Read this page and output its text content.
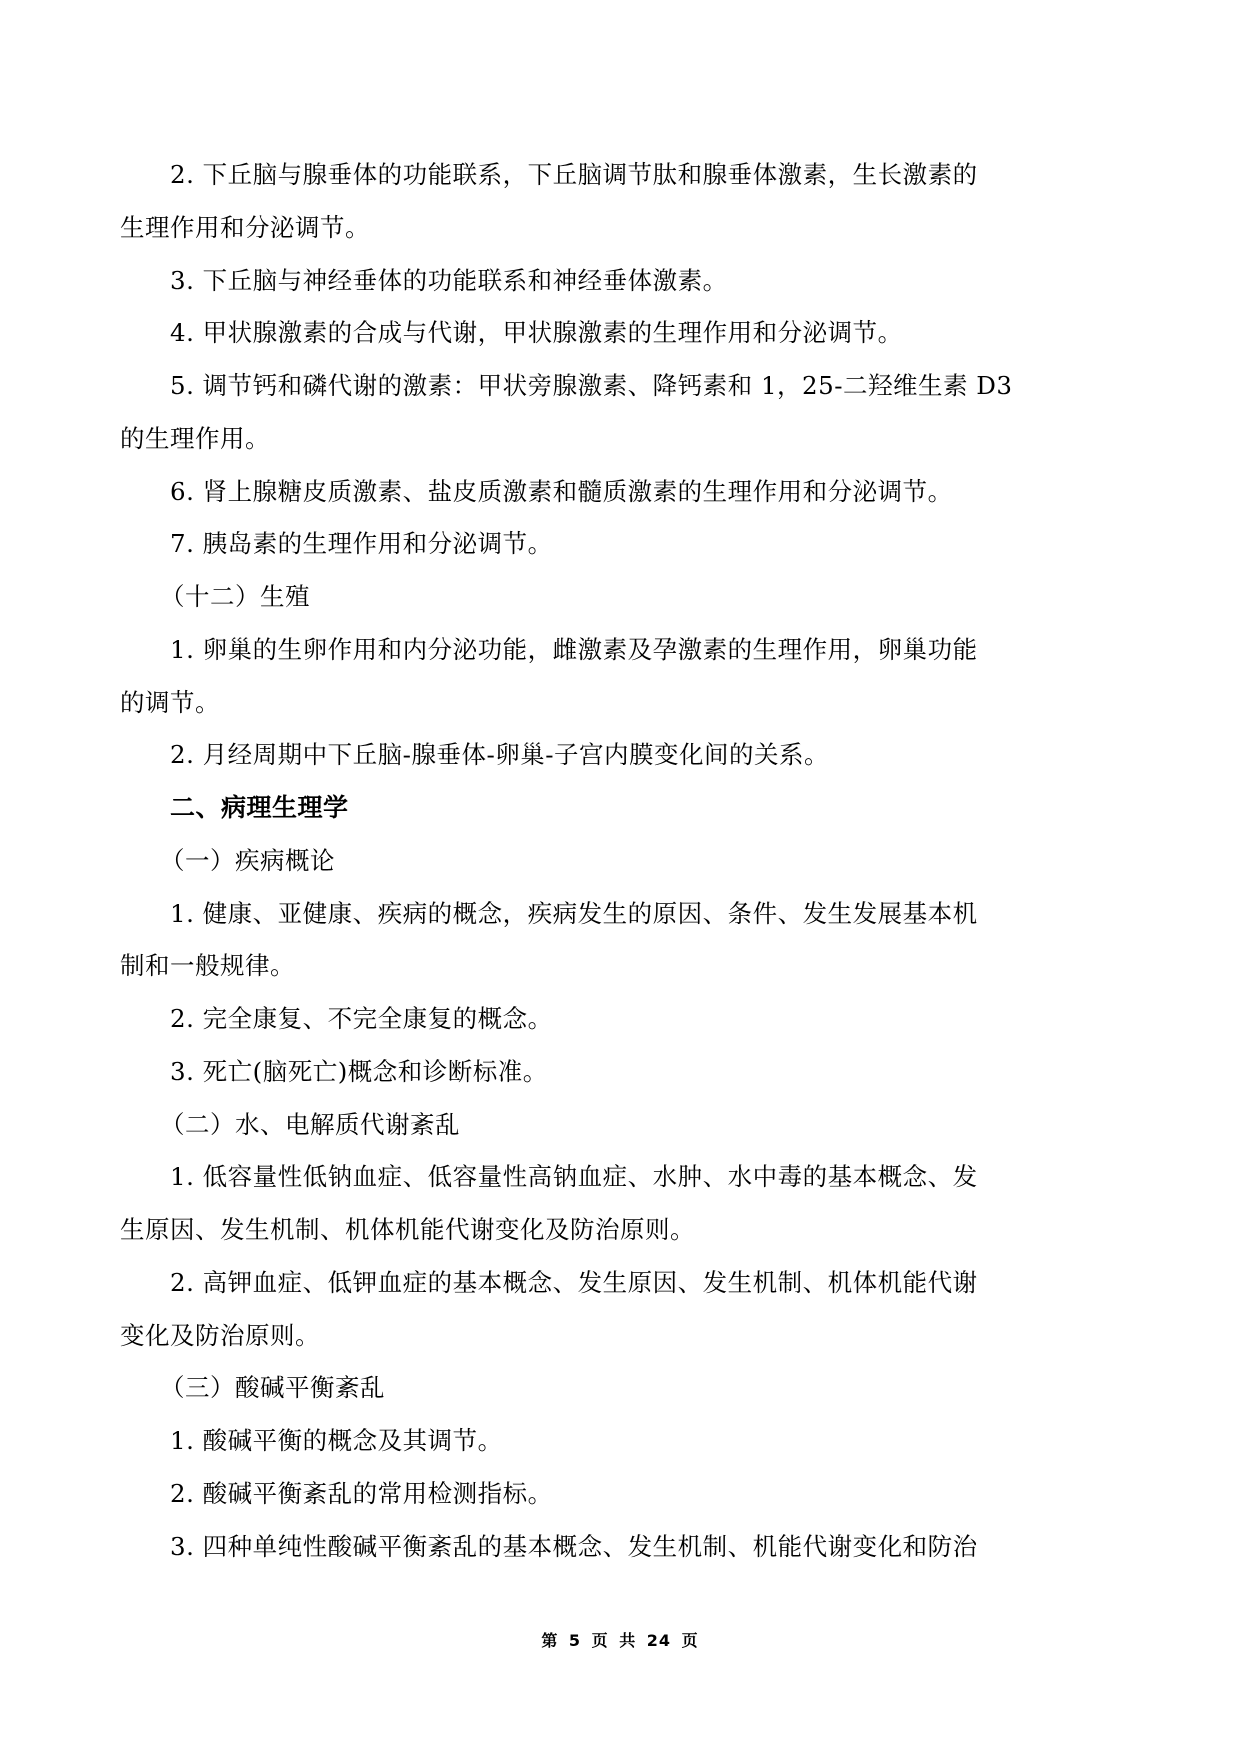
2. 下丘脑与腺垂体的功能联系，下丘脑调节肽和腺垂体激素，生长激素的
生理作用和分泌调节。
3. 下丘脑与神经垂体的功能联系和神经垂体激素。
4. 甲状腺激素的合成与代谢，甲状腺激素的生理作用和分泌调节。
5. 调节钙和磷代谢的激素：甲状旁腺激素、降钙素和 1，25-二羟维生素 D3
的生理作用。
6. 肾上腺糖皮质激素、盐皮质激素和髓质激素的生理作用和分泌调节。
7. 胰岛素的生理作用和分泌调节。
（十二）生殖
1. 卵巢的生卵作用和内分泌功能，雌激素及孕激素的生理作用，卵巢功能
的调节。
2. 月经周期中下丘脑-腺垂体-卵巢-子宫内膜变化间的关系。
二、病理生理学
（一）疾病概论
1. 健康、亚健康、疾病的概念，疾病发生的原因、条件、发生发展基本机
制和一般规律。
2. 完全康复、不完全康复的概念。
3. 死亡(脑死亡)概念和诊断标准。
（二）水、电解质代谢紊乱
1. 低容量性低钠血症、低容量性高钠血症、水肿、水中毒的基本概念、发
生原因、发生机制、机体机能代谢变化及防治原则。
2. 高钾血症、低钾血症的基本概念、发生原因、发生机制、机体机能代谢
变化及防治原则。
（三）酸碱平衡紊乱
1. 酸碱平衡的概念及其调节。
2. 酸碱平衡紊乱的常用检测指标。
3. 四种单纯性酸碱平衡紊乱的基本概念、发生机制、机能代谢变化和防治
第 5 页 共 24 页
